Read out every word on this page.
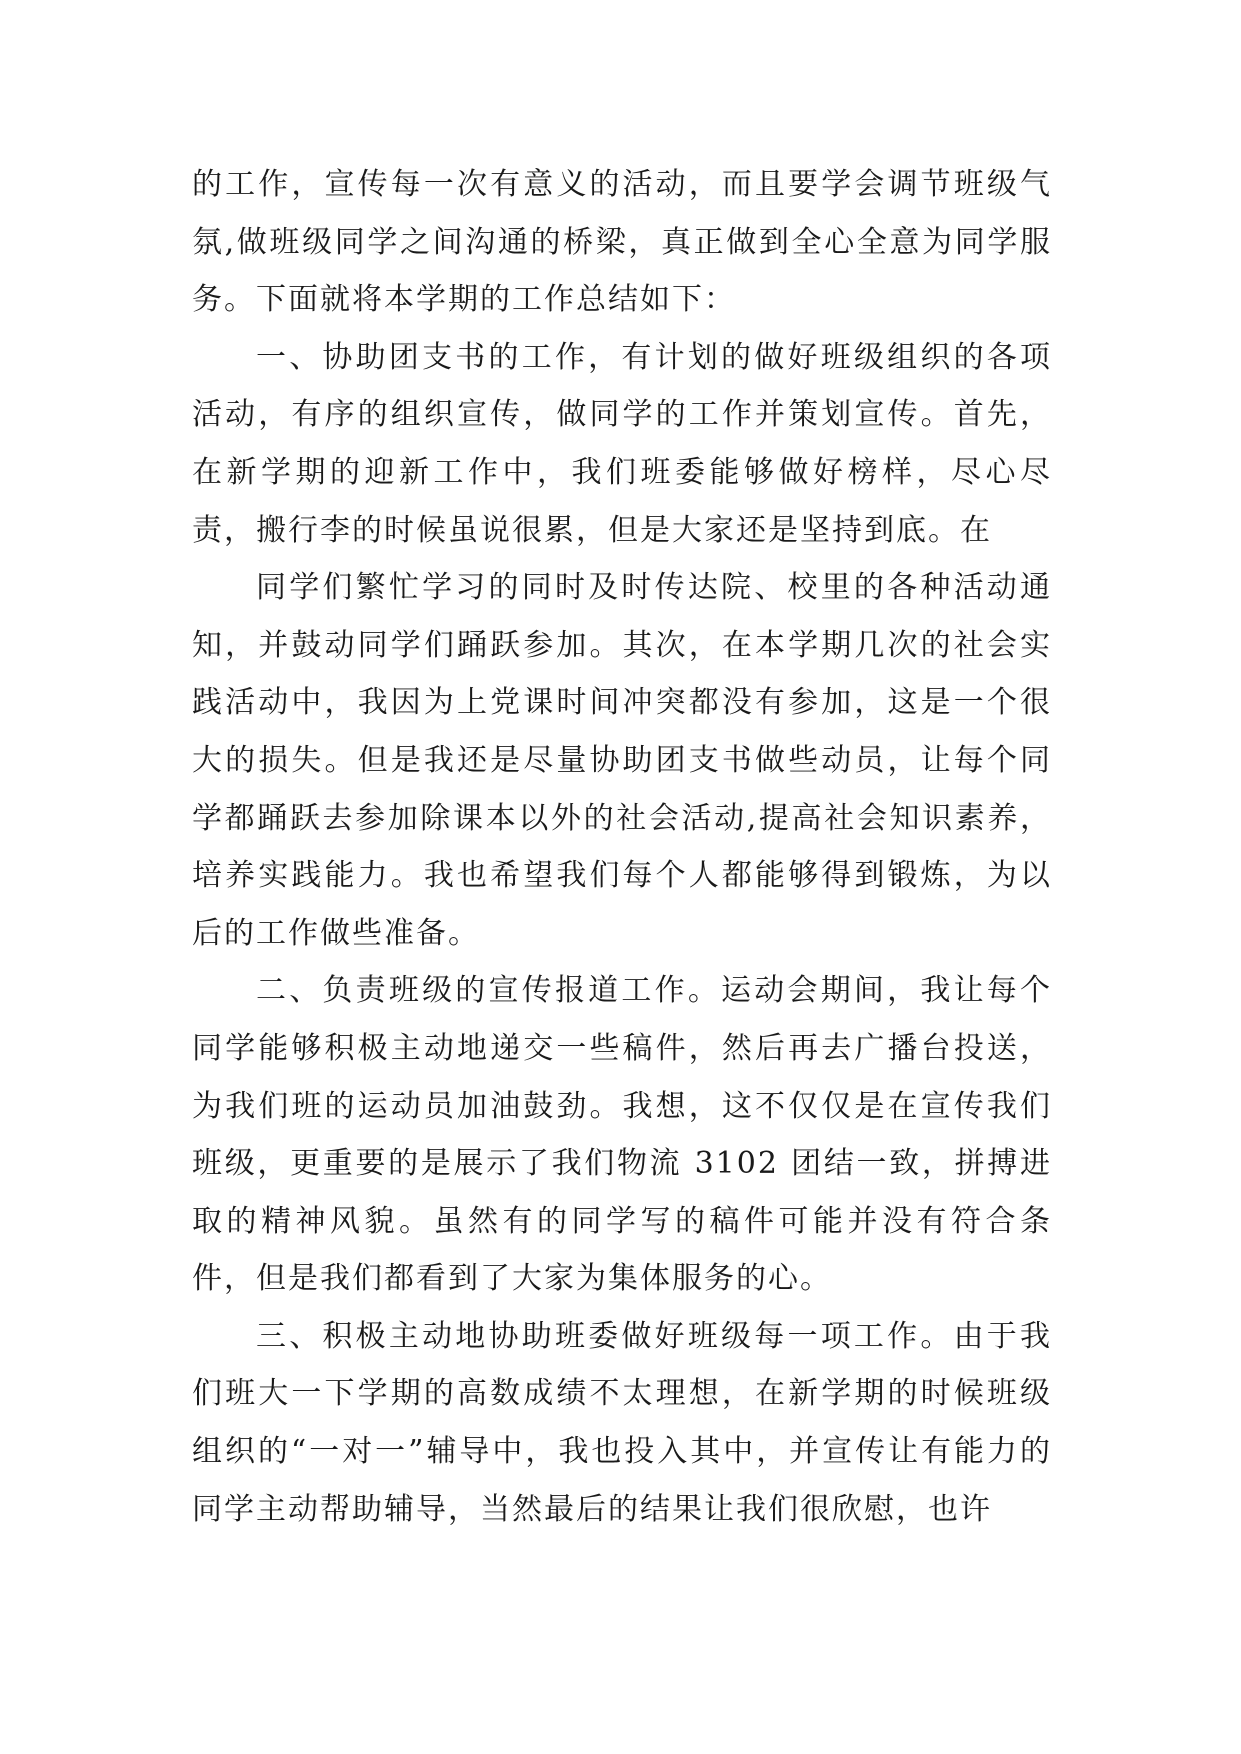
的工作，宣传每一次有意义的活动，而且要学会调节班级气氛,做班级同学之间沟通的桥梁，真正做到全心全意为同学服务。下面就将本学期的工作总结如下：

一、协助团支书的工作，有计划的做好班级组织的各项活动，有序的组织宣传，做同学的工作并策划宣传。首先，在新学期的迎新工作中，我们班委能够做好榜样，尽心尽责，搬行李的时候虽说很累，但是大家还是坚持到底。在

同学们繁忙学习的同时及时传达院、校里的各种活动通知，并鼓动同学们踊跃参加。其次，在本学期几次的社会实践活动中，我因为上党课时间冲突都没有参加，这是一个很大的损失。但是我还是尽量协助团支书做些动员，让每个同学都踊跃去参加除课本以外的社会活动,提高社会知识素养，培养实践能力。我也希望我们每个人都能够得到锻炼，为以后的工作做些准备。

二、负责班级的宣传报道工作。运动会期间，我让每个同学能够积极主动地递交一些稿件，然后再去广播台投送，为我们班的运动员加油鼓劲。我想，这不仅仅是在宣传我们班级，更重要的是展示了我们物流 3102 团结一致，拼搏进取的精神风貌。虽然有的同学写的稿件可能并没有符合条件，但是我们都看到了大家为集体服务的心。

三、积极主动地协助班委做好班级每一项工作。由于我们班大一下学期的高数成绩不太理想，在新学期的时候班级组织的“一对一”辅导中，我也投入其中，并宣传让有能力的同学主动帮助辅导，当然最后的结果让我们很欣慰，也许
